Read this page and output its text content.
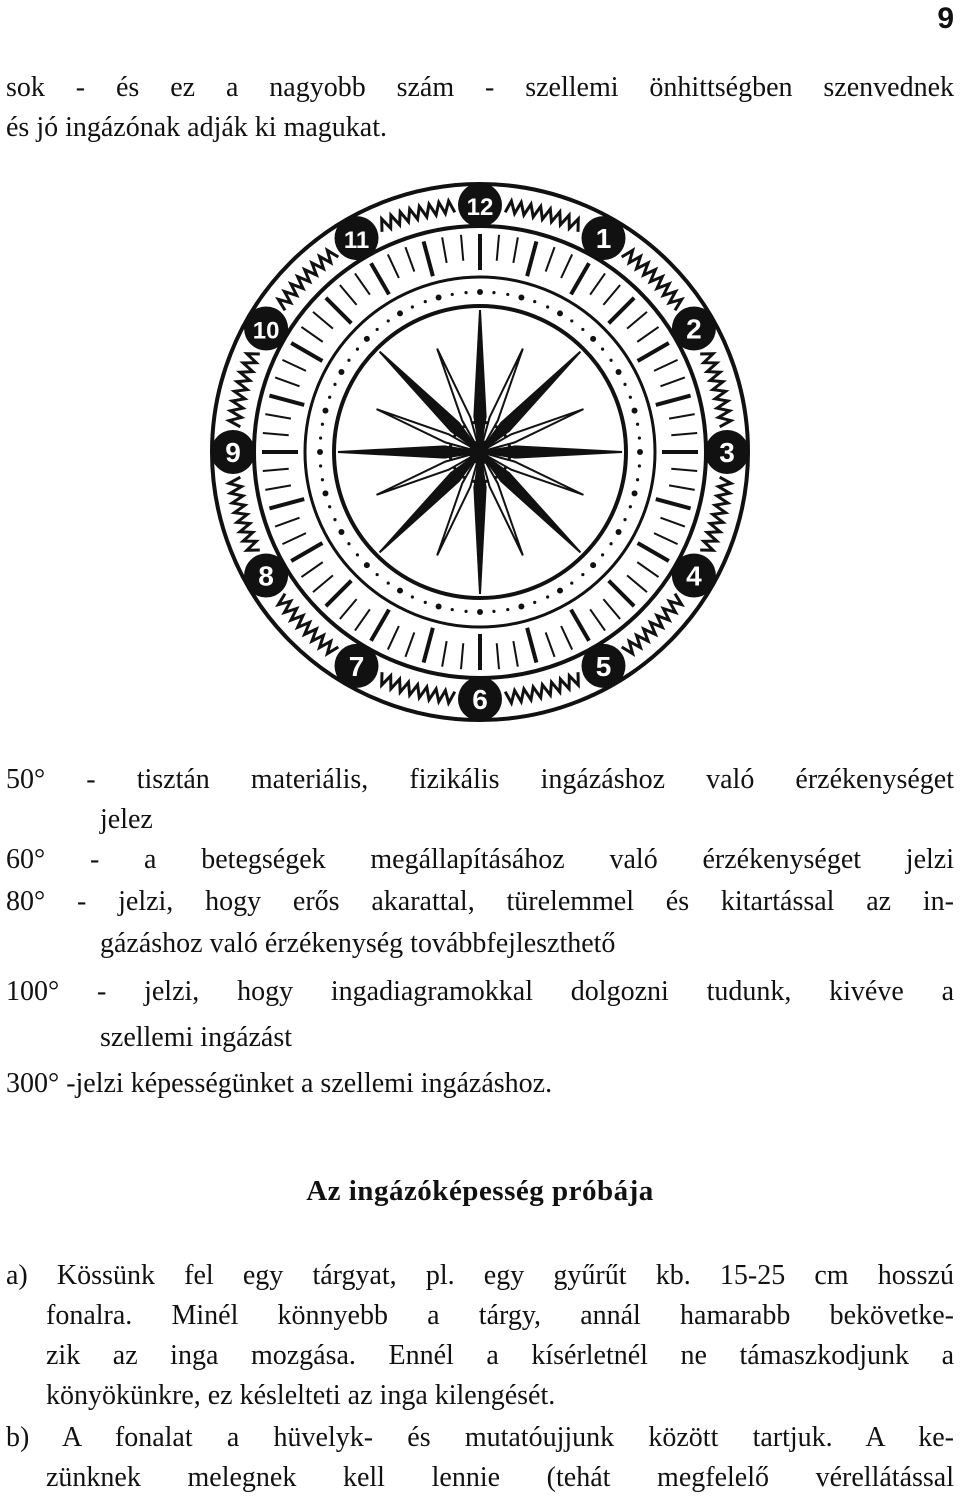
9
sok - és ez a nagyobb szám - szellemi önhittségben szenvednek
és jó ingázónak adják ki magukat.
12
1
2
3
4
5
6
7
8
9
10
11
C
50° - tisztán materiális, fizikális ingázáshoz való érzékenységet
jelez
60° - a betegségek megállapításához való érzékenységet jelzi
80° - jelzi, hogy erős akarattal, türelemmel és kitartással az in-
gázáshoz való érzékenység továbbfejleszthető
100° - jelzi, hogy ingadiagramokkal dolgozni tudunk, kivéve a
szellemi ingázást
300° -jelzi képességünket a szellemi ingázáshoz.
Az ingázóképesség próbája
a) Kössünk fel egy tárgyat, pl. egy gyűrűt kb. 15-25 cm hosszú
fonalra. Minél könnyebb a tárgy, annál hamarabb bekövetke-
zik az inga mozgása. Ennél a kísérletnél ne támaszkodjunk a
könyökünkre, ez késlelteti az inga kilengését.
b) A fonalat a hüvelyk- és mutatóujjunk között tartjuk. A ke-
zünknek melegnek kell lennie (tehát megfelelő vérellátással
